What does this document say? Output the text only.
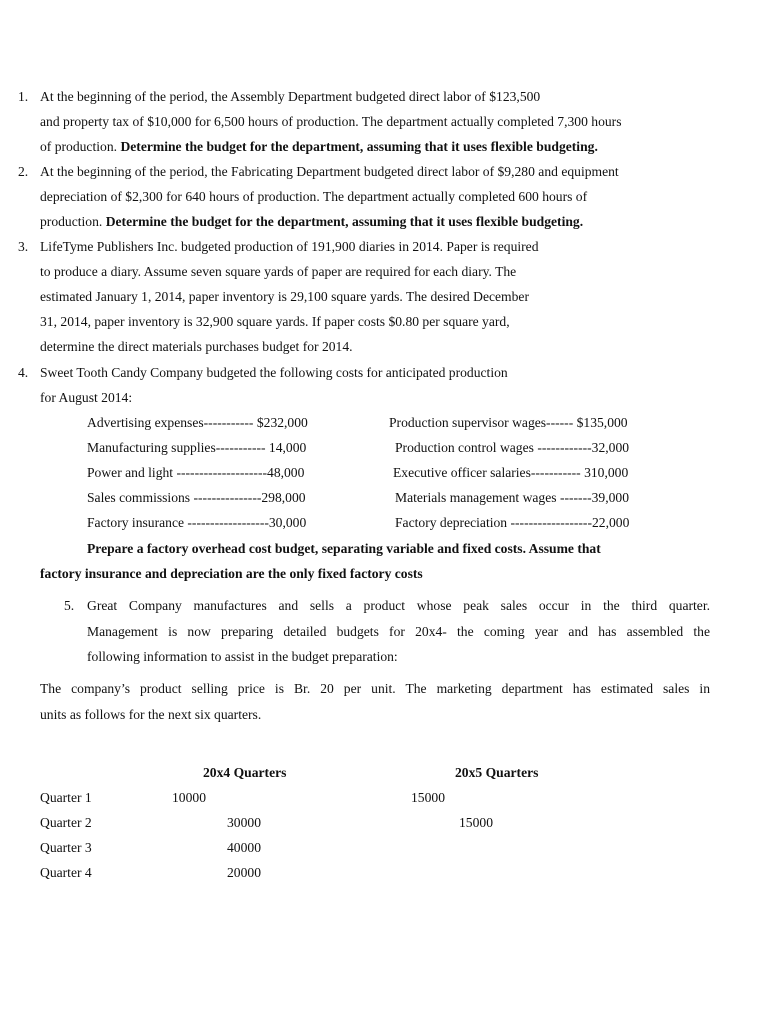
1. At the beginning of the period, the Assembly Department budgeted direct labor of $123,500
and property tax of $10,000 for 6,500 hours of production. The department actually completed 7,300 hours
of production. Determine the budget for the department, assuming that it uses flexible budgeting.
2. At the beginning of the period, the Fabricating Department budgeted direct labor of $9,280 and equipment
depreciation of $2,300 for 640 hours of production. The department actually completed 600 hours of
production. Determine the budget for the department, assuming that it uses flexible budgeting.
3. LifeTyme Publishers Inc. budgeted production of 191,900 diaries in 2014. Paper is required
to produce a diary. Assume seven square yards of paper are required for each diary. The
estimated January 1, 2014, paper inventory is 29,100 square yards. The desired December
31, 2014, paper inventory is 32,900 square yards. If paper costs $0.80 per square yard,
determine the direct materials purchases budget for 2014.
4. Sweet Tooth Candy Company budgeted the following costs for anticipated production
for August 2014:
Advertising expenses----------- $232,000
Manufacturing supplies----------- 14,000
Power and light --------------------48,000
Sales commissions ---------------298,000
Factory insurance ------------------30,000
Production supervisor wages------ $135,000
Production control wages ------------32,000
Executive officer salaries----------- 310,000
Materials management wages -------39,000
Factory depreciation ------------------22,000
Prepare a factory overhead cost budget, separating variable and fixed costs. Assume that
factory insurance and depreciation are the only fixed factory costs
5. Great Company manufactures and sells a product whose peak sales occur in the third quarter.
Management is now preparing detailed budgets for 20x4- the coming year and has assembled the
following information to assist in the budget preparation:
The company’s product selling price is Br. 20 per unit. The marketing department has estimated sales in
units as follows for the next six quarters.
20x4 Quarters	20x5 Quarters
Quarter 1	10000	15000
Quarter 2	30000	15000
Quarter 3	40000
Quarter 4	20000
